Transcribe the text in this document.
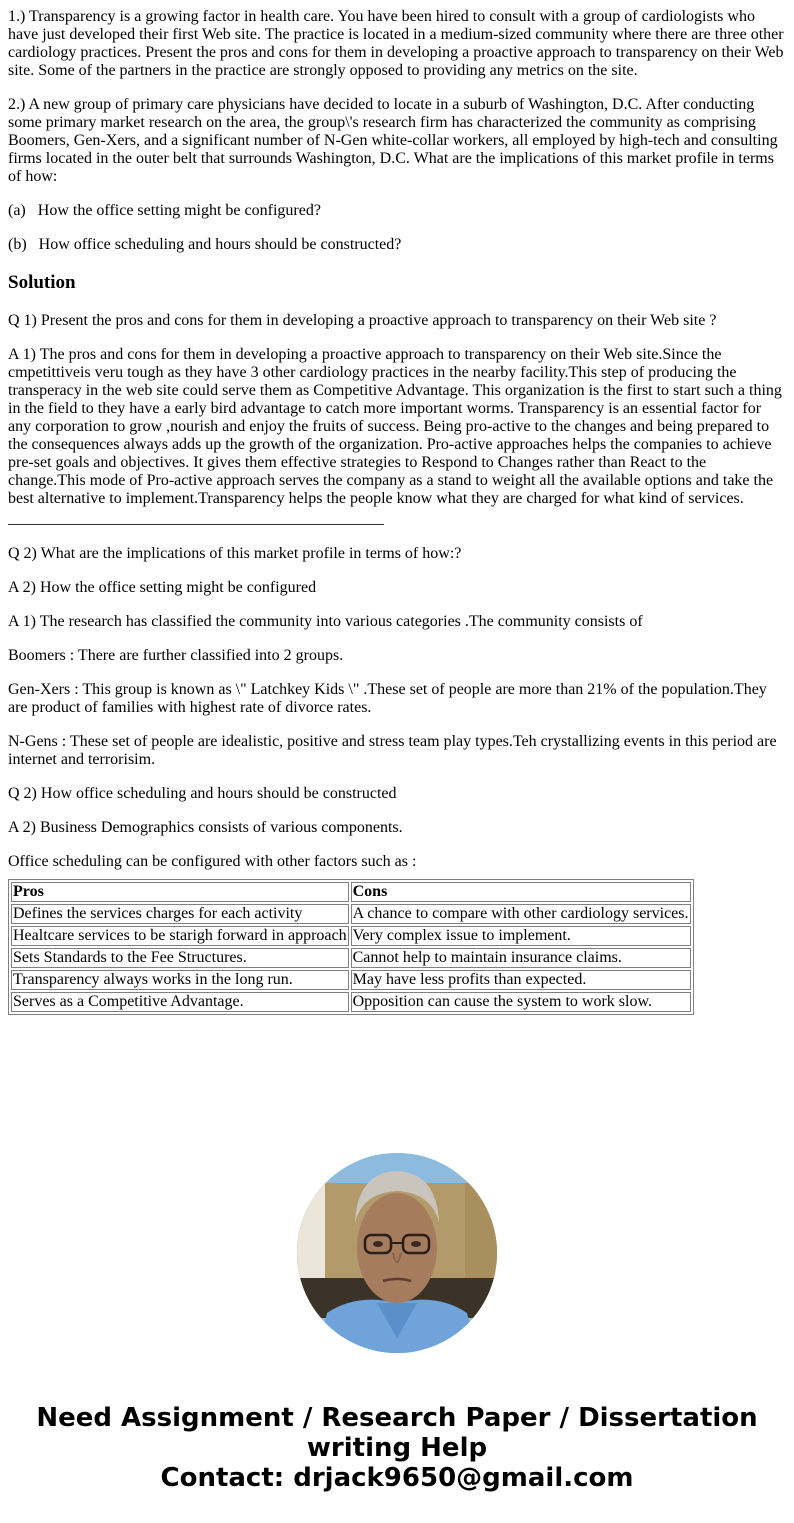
1.) Transparency is a growing factor in health care. You have been hired to consult with a group of cardiologists who have just developed their first Web site. The practice is located in a medium-sized community where there are three other cardiology practices. Present the pros and cons for them in developing a proactive approach to transparency on their Web site. Some of the partners in the practice are strongly opposed to providing any metrics on the site.

2.) A new group of primary care physicians have decided to locate in a suburb of Washington, D.C. After conducting some primary market research on the area, the group\'s research firm has characterized the community as comprising Boomers, Gen-Xers, and a significant number of N-Gen white-collar workers, all employed by high-tech and consulting firms located in the outer belt that surrounds Washington, D.C. What are the implications of this market profile in terms of how:

(a)   How the office setting might be configured?

(b)   How office scheduling and hours should be constructed?

Solution

Q 1) Present the pros and cons for them in developing a proactive approach to transparency on their Web site ?

A 1) The pros and cons for them in developing a proactive approach to transparency on their Web site.Since the cmpetittiveis veru tough as they have 3 other cardiology practices in the nearby facility.This step of producing the transperacy in the web site could serve them as Competitive Advantage. This organization is the first to start such a thing in the field to they have a early bird advantage to catch more important worms. Transparency is an essential factor for any corporation to grow ,nourish and enjoy the fruits of success. Being pro-active to the changes and being prepared to the consequences always adds up the growth of the organization. Pro-active approaches helps the companies to achieve pre-set goals and objectives. It gives them effective strategies to Respond to Changes rather than React to the change.This mode of Pro-active approach serves the company as a stand to weight all the available options and take the best alternative to implement.Transparency helps the people know what they are charged for what kind of services.

Q 2) What are the implications of this market profile in terms of how:?

A 2) How the office setting might be configured

A 1) The research has classified the community into various categories .The community consists of

Boomers : There are further classified into 2 groups.

Gen-Xers : This group is known as \" Latchkey Kids \" .These set of people are more than 21% of the population.They are product of families with highest rate of divorce rates.

N-Gens : These set of people are idealistic, positive and stress team play types.Teh crystallizing events in this period are internet and terrorisim.

Q 2) How office scheduling and hours should be constructed

A 2) Business Demographics consists of various components.

Office scheduling can be configured with other factors such as :

Pros	Cons
Defines the services charges for each activity	A chance to compare with other cardiology services.
Healtcare services to be starigh forward in approach	Very complex issue to implement.
Sets Standards to the Fee Structures.	Cannot help to maintain insurance claims.
Transparency always works in the long run.	May have less profits than expected.
Serves as a Competitive Advantage.	Opposition can cause the system to work slow.
Need Assignment / Research Paper / Dissertation
writing Help
Contact: drjack9650@gmail.com
